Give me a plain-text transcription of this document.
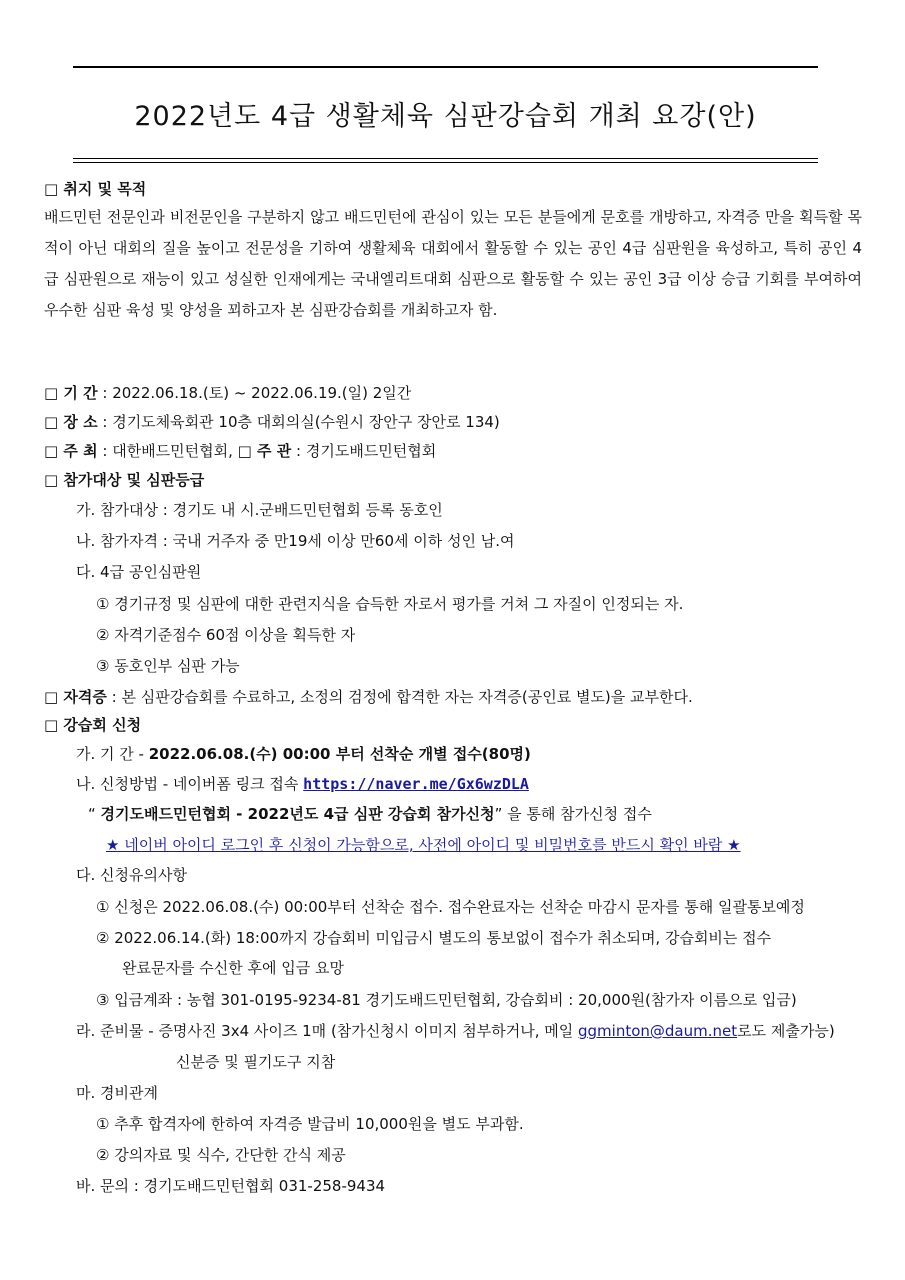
2022년도 4급 생활체육 심판강습회 개최 요강(안)
□ 취지 및 목적
배드민턴 전문인과 비전문인을 구분하지 않고 배드민턴에 관심이 있는 모든 분들에게 문호를 개방하고, 자격증 만을 획득할 목적이 아닌 대회의 질을 높이고 전문성을 기하여 생활체육 대회에서 활동할 수 있는 공인 4급 심판원을 육성하고, 특히 공인 4급 심판원으로 재능이 있고 성실한 인재에게는 국내엘리트대회 심판으로 활동할 수 있는 공인 3급 이상 승급 기회를 부여하여 우수한 심판 육성 및 양성을 꾀하고자 본 심판강습회를 개최하고자 함.
□ 기 간 : 2022.06.18.(토) ~ 2022.06.19.(일) 2일간
□ 장 소 : 경기도체육회관 10층 대회의실(수원시 장안구 장안로 134)
□ 주 최 : 대한배드민턴협회, □ 주 관 : 경기도배드민턴협회
□ 참가대상 및 심판등급
가. 참가대상 : 경기도 내 시.군배드민턴협회 등록 동호인
나. 참가자격 : 국내 거주자 중 만19세 이상 만60세 이하 성인 남.여
다. 4급 공인심판원
① 경기규정 및 심판에 대한 관련지식을 습득한 자로서 평가를 거쳐 그 자질이 인정되는 자.
② 자격기준점수 60점 이상을 획득한 자
③ 동호인부 심판 가능
□ 자격증 : 본 심판강습회를 수료하고, 소정의 검정에 합격한 자는 자격증(공인료 별도)을 교부한다.
□ 강습회 신청
가. 기 간 - 2022.06.08.(수) 00:00 부터 선착순 개별 접수(80명)
나. 신청방법 - 네이버폼 링크 접속 https://naver.me/Gx6wzDLA
“ 경기도배드민턴협회 - 2022년도 4급 심판 강습회 참가신청” 을 통해 참가신청 접수
★ 네이버 아이디 로그인 후 신청이 가능함으로, 사전에 아이디 및 비밀번호를 반드시 확인 바람 ★
다. 신청유의사항
① 신청은 2022.06.08.(수) 00:00부터 선착순 접수. 접수완료자는 선착순 마감시 문자를 통해 일괄통보예정
② 2022.06.14.(화) 18:00까지 강습회비 미입금시 별도의 통보없이 접수가 취소되며, 강습회비는 접수
완료문자를 수신한 후에 입금 요망
③ 입금계좌 : 농협 301-0195-9234-81 경기도배드민턴협회, 강습회비 : 20,000원(참가자 이름으로 입금)
라. 준비물 - 증명사진 3x4 사이즈 1매 (참가신청시 이미지 첨부하거나, 메일 ggminton@daum.net로도 제출가능)
신분증 및 필기도구 지참
마. 경비관계
① 추후 합격자에 한하여 자격증 발급비 10,000원을 별도 부과함.
② 강의자료 및 식수, 간단한 간식 제공
바. 문의 : 경기도배드민턴협회 031-258-9434
